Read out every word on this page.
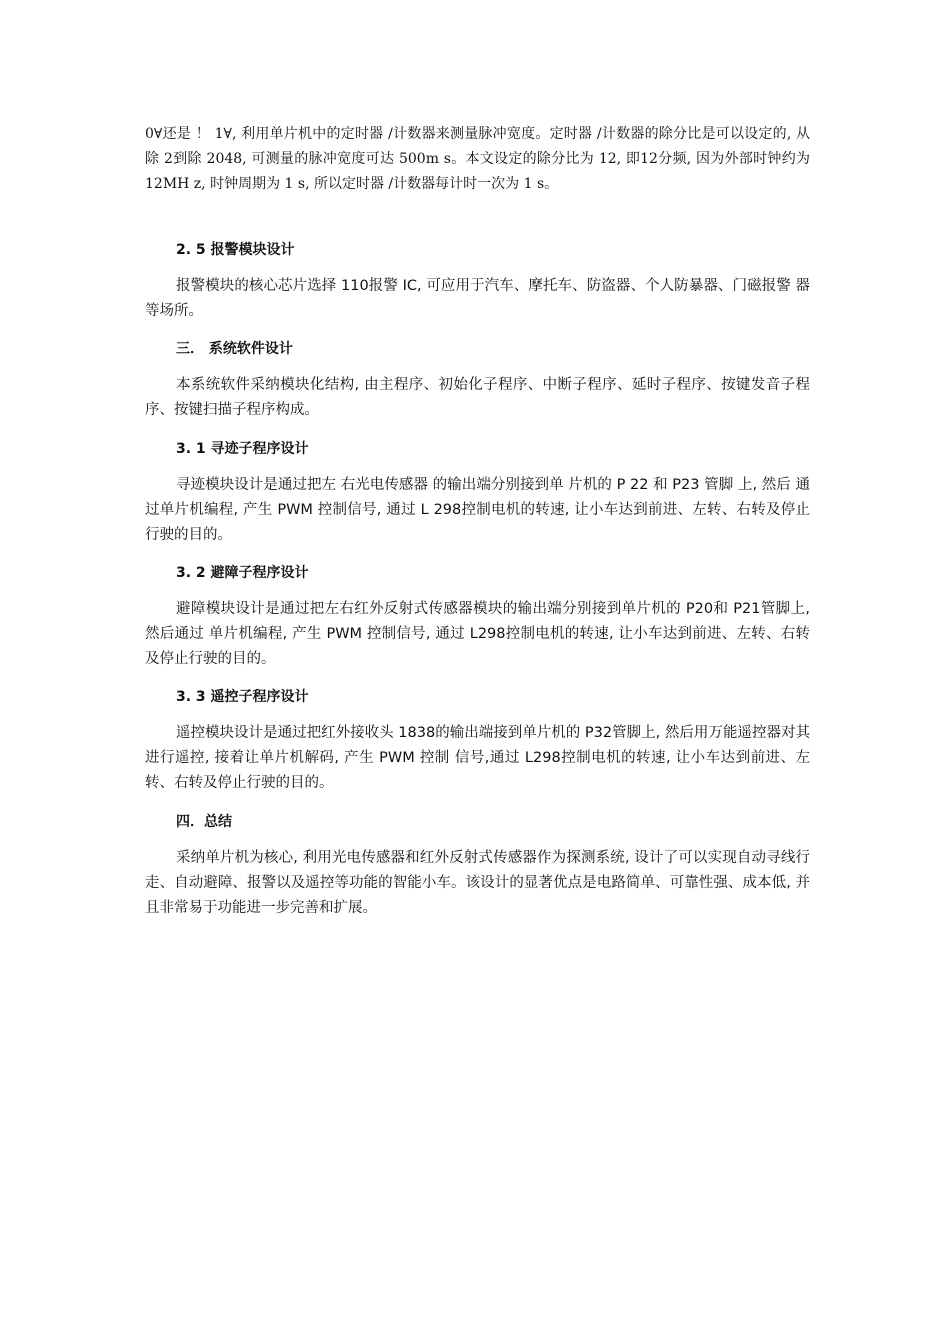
0∀还是 ！ 1∀, 利用单片机中的定时器 /计数器来测量脉冲宽度。定时器 /计数器的除分比是可以设定的, 从除 2到除 2048, 可测量的脉冲宽度可达 500m s。本文设定的除分比为 12, 即12分频, 因为外部时钟约为 12MH z, 时钟周期为 1 s, 所以定时器 /计数器每计时一次为 1 s。

2. 5 报警模块设计

报警模块的核心芯片选择 110报警 IC, 可应用于汽车、摩托车、防盗器、个人防暴器、门磁报警 器等场所。

三． 系统软件设计

本系统软件采纳模块化结构, 由主程序、初始化子程序、中断子程序、延时子程序、按键发音子程序、按键扫描子程序构成。

3. 1 寻迹子程序设计

寻迹模块设计是通过把左 右光电传感器 的输出端分别接到单 片机的 P 22 和 P23 管脚 上, 然后 通过单片机编程, 产生 PWM 控制信号, 通过 L 298控制电机的转速, 让小车达到前进、左转、右转及停止行驶的目的。

3. 2 避障子程序设计

避障模块设计是通过把左右红外反射式传感器模块的输出端分别接到单片机的 P20和 P21管脚上, 然后通过 单片机编程, 产生 PWM 控制信号, 通过 L298控制电机的转速, 让小车达到前进、左转、右转及停止行驶的目的。

3. 3 遥控子程序设计

遥控模块设计是通过把红外接收头 1838的输出端接到单片机的 P32管脚上, 然后用万能遥控器对其进行遥控, 接着让单片机解码, 产生 PWM 控制 信号,通过 L298控制电机的转速, 让小车达到前进、左转、右转及停止行驶的目的。

四．总结

采纳单片机为核心, 利用光电传感器和红外反射式传感器作为探测系统, 设计了可以实现自动寻线行走、自动避障、报警以及遥控等功能的智能小车。该设计的显著优点是电路简单、可靠性强、成本低, 并且非常易于功能进一步完善和扩展。
